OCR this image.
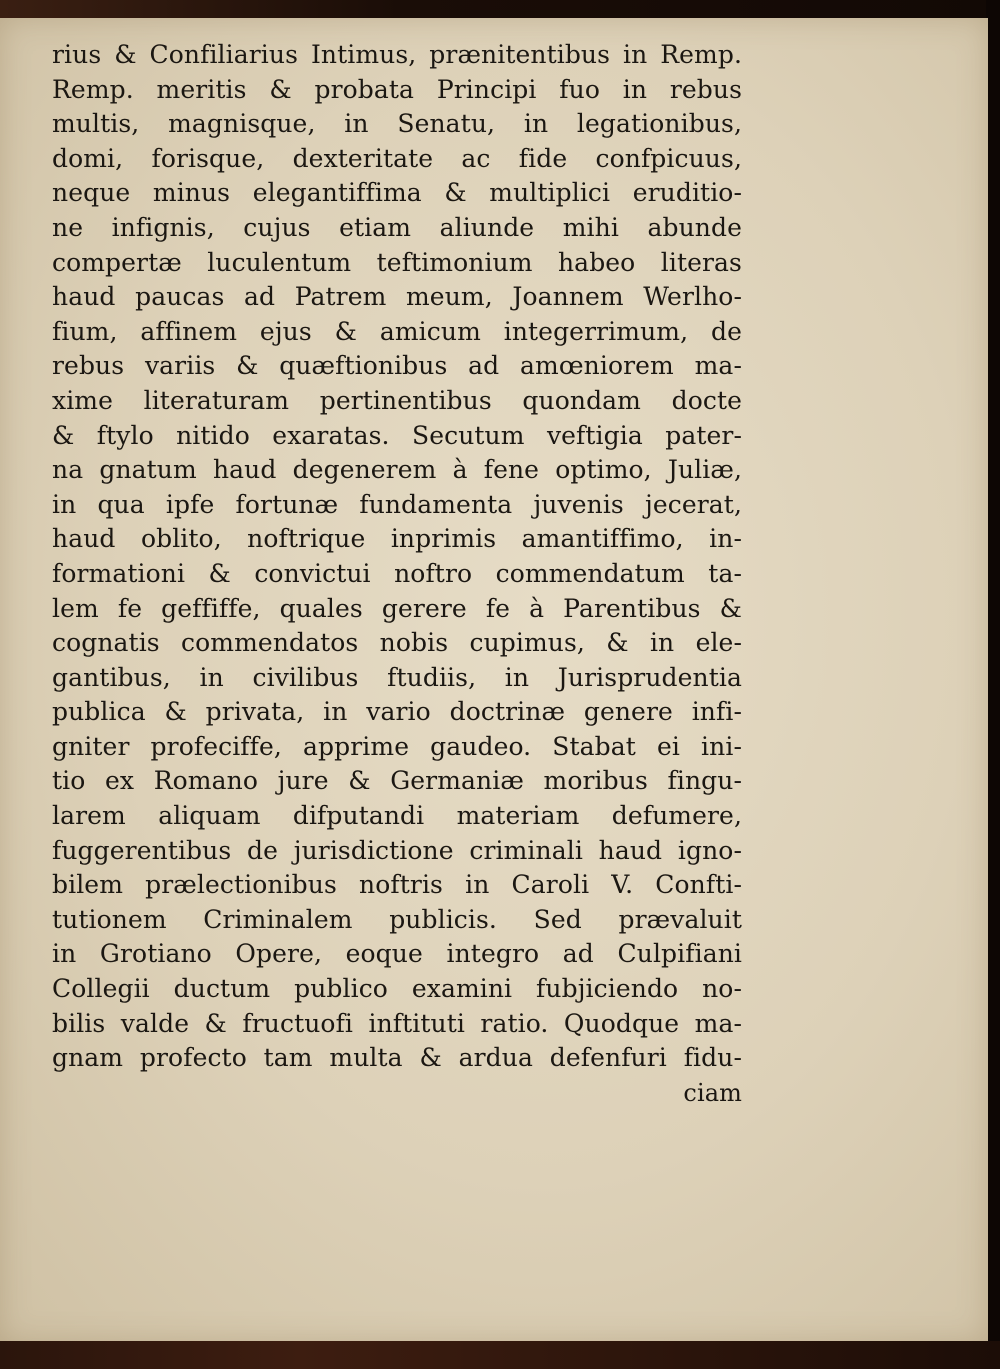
rius & Confiliarius Intimus, prænitentibus in Remp.
Remp. meritis & probata Principi fuo in rebus
multis, magnisque, in Senatu, in legationibus,
domi, forisque, dexteritate ac fide confpicuus,
neque minus elegantiffima & multiplici eruditio-
ne infignis, cujus etiam aliunde mihi abunde
compertæ luculentum teftimonium habeo literas
haud paucas ad Patrem meum, Joannem Werlho-
fium, affinem ejus & amicum integerrimum, de
rebus variis & quæftionibus ad amœniorem ma-
xime literaturam pertinentibus quondam docte
& ftylo nitido exaratas. Secutum veftigia pater-
na gnatum haud degenerem à fene optimo, Juliæ,
in qua ipfe fortunæ fundamenta juvenis jecerat,
haud oblito, noftrique inprimis amantiffimo, in-
formationi & convictui noftro commendatum ta-
lem fe geffiffe, quales gerere fe à Parentibus &
cognatis commendatos nobis cupimus, & in ele-
gantibus, in civilibus ftudiis, in Jurisprudentia
publica & privata, in vario doctrinæ genere infi-
gniter profeciffe, apprime gaudeo. Stabat ei ini-
tio ex Romano jure & Germaniæ moribus fingu-
larem aliquam difputandi materiam defumere,
fuggerentibus de jurisdictione criminali haud igno-
bilem prælectionibus noftris in Caroli V. Confti-
tutionem Criminalem publicis. Sed prævaluit
in Grotiano Opere, eoque integro ad Culpifiani
Collegii ductum publico examini fubjiciendo no-
bilis valde & fructuofi inftituti ratio. Quodque ma-
gnam profecto tam multa & ardua defenfuri fidu-
ciam
